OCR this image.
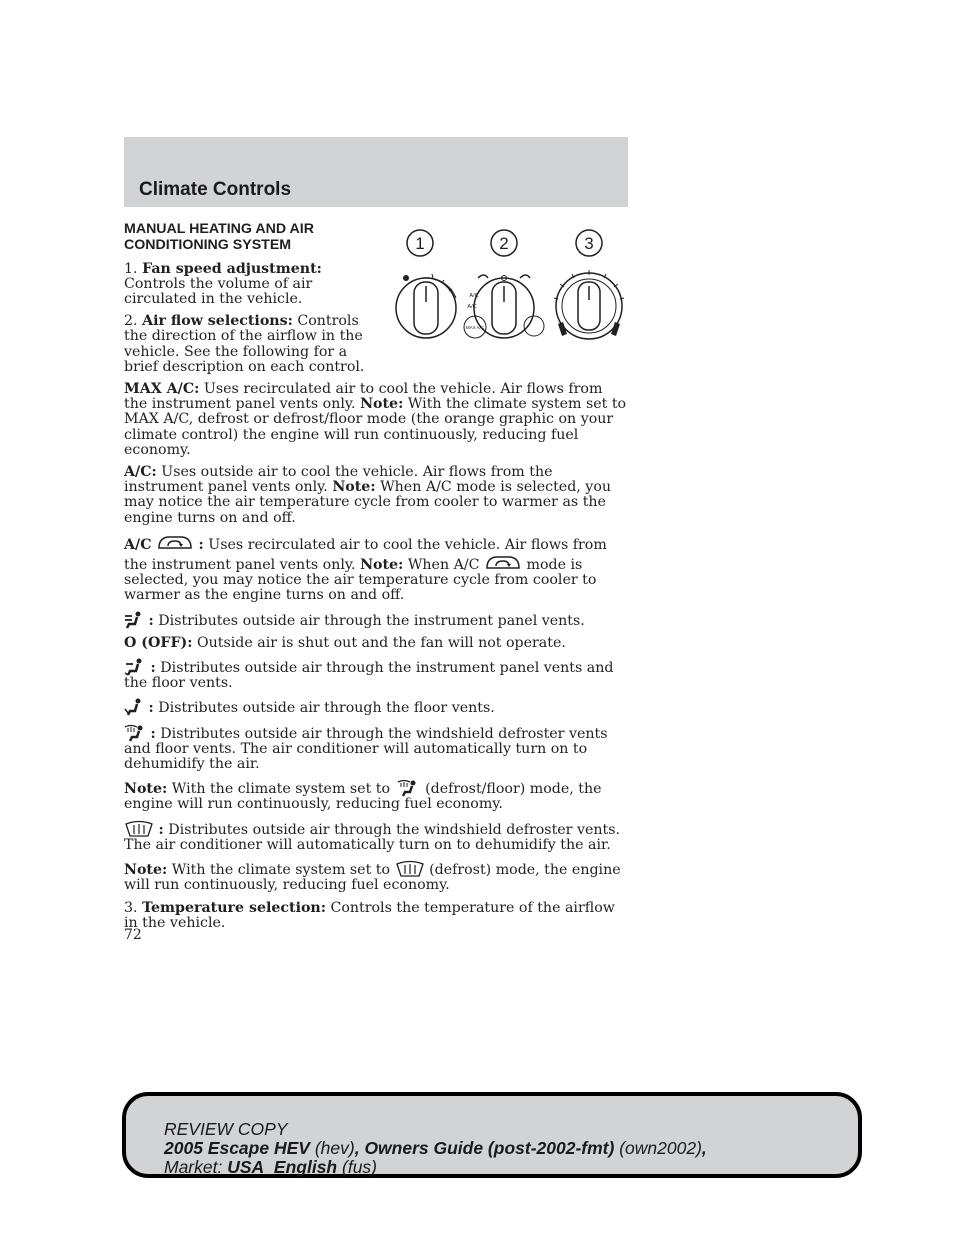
Climate Controls
1	2	3
A/C
A/C
MAX A/C
MANUAL HEATING AND AIR CONDITIONING SYSTEM

1. Fan speed adjustment: Controls the volume of air circulated in the vehicle.

2. Air flow selections: Controls the direction of the airflow in the vehicle. See the following for a brief description on each control.

MAX A/C: Uses recirculated air to cool the vehicle. Air flows from the instrument panel vents only. Note: With the climate system set to MAX A/C, defrost or defrost/floor mode (the orange graphic on your climate control) the engine will run continuously, reducing fuel economy.

A/C: Uses outside air to cool the vehicle. Air flows from the instrument panel vents only. Note: When A/C mode is selected, you may notice the air temperature cycle from cooler to warmer as the engine turns on and off.

A/C	: Uses recirculated air to cool the vehicle. Air flows from the instrument panel vents only. Note: When A/C	mode is selected, you may notice the air temperature cycle from cooler to warmer as the engine turns on and off.

: Distributes outside air through the instrument panel vents.

O (OFF): Outside air is shut out and the fan will not operate.

: Distributes outside air through the instrument panel vents and the floor vents.

: Distributes outside air through the floor vents.

: Distributes outside air through the windshield defroster vents and floor vents. The air conditioner will automatically turn on to dehumidify the air.

Note: With the climate system set to (defrost/floor) mode, the engine will run continuously, reducing fuel economy.

: Distributes outside air through the windshield defroster vents. The air conditioner will automatically turn on to dehumidify the air.

Note: With the climate system set to	(defrost) mode, the engine will run continuously, reducing fuel economy.

3. Temperature selection: Controls the temperature of the airflow in the vehicle.

72
REVIEW COPY
2005 Escape HEV (hev), Owners Guide (post-2002-fmt) (own2002),
Market: USA_English (fus)
